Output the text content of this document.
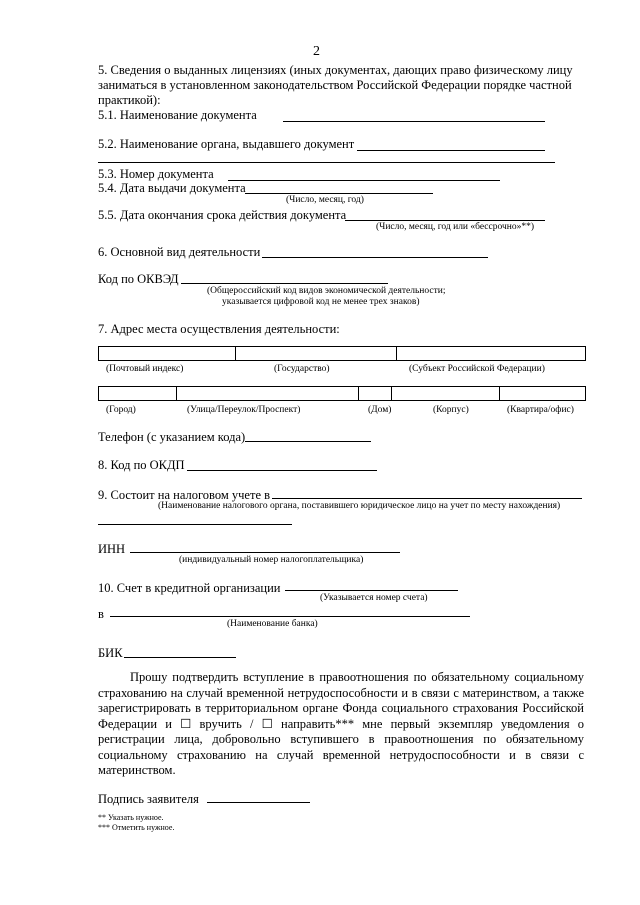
2
5. Сведения о выданных лицензиях (иных документах, дающих право физическому лицу
заниматься в установленном законодательством Российской Федерации порядке частной
практикой):
5.1. Наименование документа
5.2. Наименование органа, выдавшего документ
5.3. Номер документа
5.4. Дата выдачи документа
(Число, месяц, год)
5.5. Дата окончания срока действия документа
(Число, месяц, год или «бессрочно»**)
6. Основной вид деятельности
Код по ОКВЭД
(Общероссийский код видов экономической деятельности;
указывается цифровой код не менее трех знаков)
7. Адрес места осуществления деятельности:
(Почтовый индекс)	(Государство)	(Субъект Российской Федерации)
(Город)	(Улица/Переулок/Проспект)	(Дом)	(Корпус)	(Квартира/офис)
Телефон (с указанием кода)
8. Код по ОКДП
9. Состоит на налоговом учете в
(Наименование налогового органа, поставившего юридическое лицо на учет по месту нахождения)
ИНН
(индивидуальный номер налогоплательщика)
10. Счет в кредитной организации
(Указывается номер счета)
в
(Наименование банка)
БИК
Прошу подтвердить вступление в правоотношения по обязательному социальному страхованию на случай временной нетрудоспособности и в связи с материнством, а также зарегистрировать в территориальном органе Фонда социального страхования Российской Федерации и ☐ вручить / ☐ направить*** мне первый экземпляр уведомления о регистрации лица, добровольно вступившего в правоотношения по обязательному социальному страхованию на случай временной нетрудоспособности и в связи с материнством.
Подпись заявителя
** Указать нужное.
*** Отметить нужное.
